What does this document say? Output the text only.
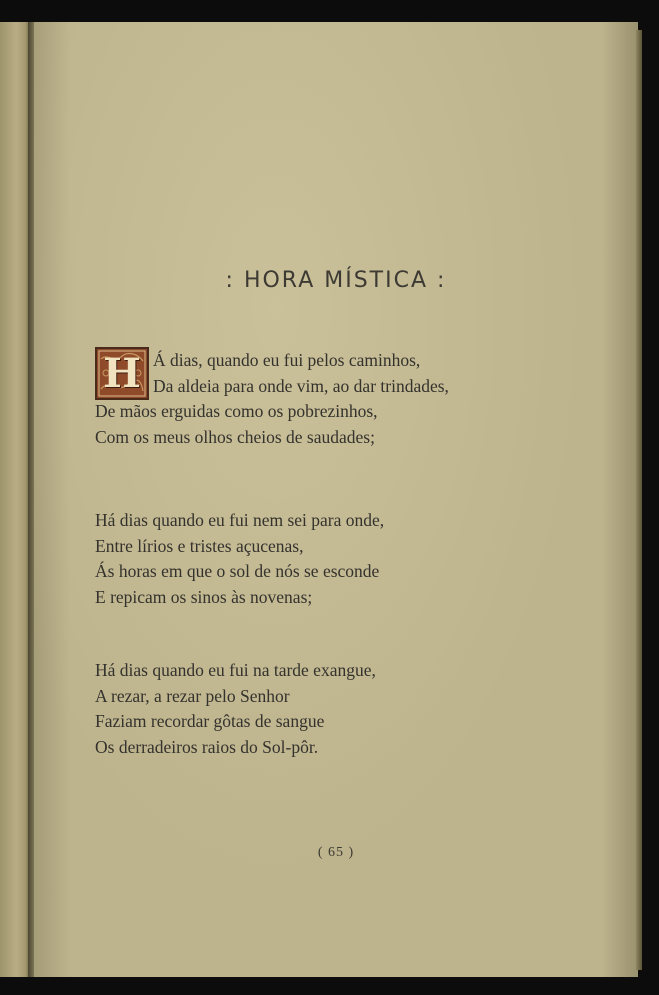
: HORA MÍSTICA :
H Á dias, quando eu fui pelos caminhos,
Da aldeia para onde vim, ao dar trindades,
De mãos erguidas como os pobrezinhos,
Com os meus olhos cheios de saudades;
Há dias quando eu fui nem sei para onde,
Entre lírios e tristes açucenas,
Ás horas em que o sol de nós se esconde
E repicam os sinos às novenas;
Há dias quando eu fui na tarde exangue,
A rezar, a rezar pelo Senhor
Faziam recordar gôtas de sangue
Os derradeiros raios do Sol-pôr.
( 65 )
